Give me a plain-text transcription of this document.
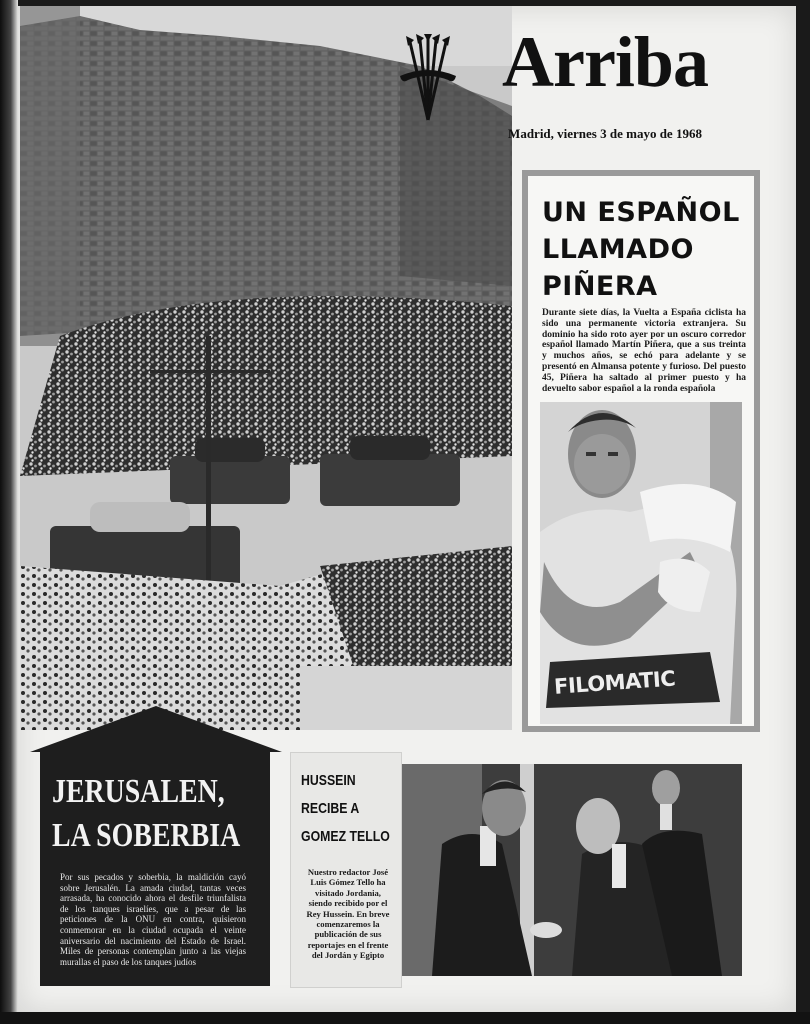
Arriba
Madrid, viernes 3 de mayo de 1968
UN ESPAÑOL
LLAMADO
PIÑERA

Durante siete días, la Vuelta a España ciclista ha sido una permanente victoria extranjera. Su dominio ha sido roto ayer por un oscuro corredor español llamado Martín Piñera, que a sus treinta y muchos años, se echó para adelante y se presentó en Almansa potente y furioso. Del puesto 45, Piñera ha saltado al primer puesto y ha devuelto sabor español a la ronda española

FILOMATIC
JERUSALEN,
LA SOBERBIA

Por sus pecados y soberbia, la maldición cayó sobre Jerusalén. La amada ciudad, tantas veces arrasada, ha conocido ahora el desfile triunfalista de los tanques israelíes, que a pesar de las peticiones de la ONU en contra, quisieron conmemorar en la ciudad ocupada el veinte aniversario del nacimiento del Estado de Israel. Miles de personas contemplan junto a las viejas murallas el paso de los tanques judíos

HUSSEIN
RECIBE A
GOMEZ TELLO

Nuestro redactor José Luis Gómez Tello ha visitado Jordania, siendo recibido por el Rey Hussein. En breve comenzaremos la publicación de sus reportajes en el frente del Jordán y Egipto
